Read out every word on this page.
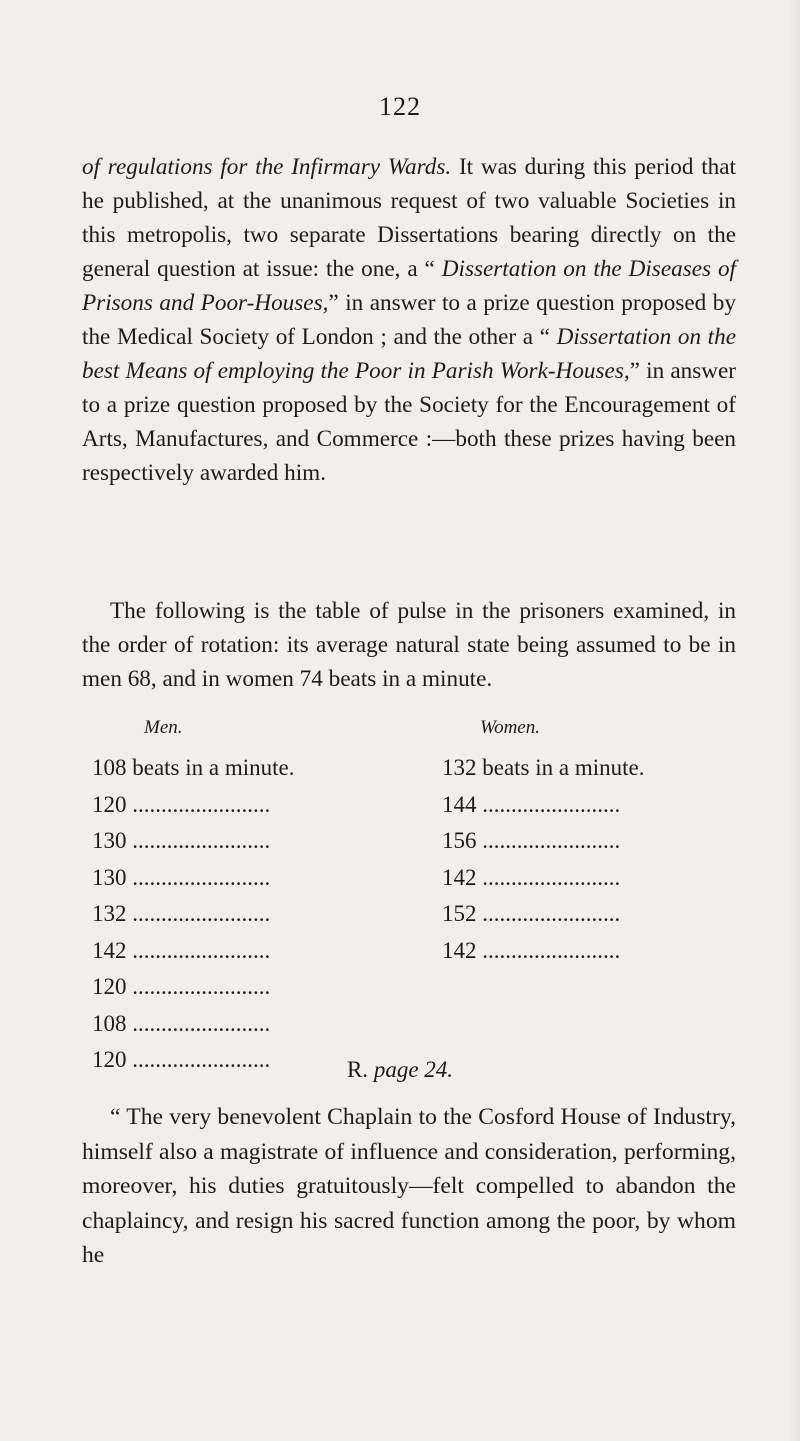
122

of regulations for the Infirmary Wards. It was during this period that he published, at the unanimous request of two valuable Societies in this metropolis, two separate Dissertations bearing directly on the general question at issue: the one, a “ Dissertation on the Diseases of Prisons and Poor-Houses,” in answer to a prize question proposed by the Medical Society of London ; and the other a “ Dissertation on the best Means of employing the Poor in Parish Work-Houses,” in answer to a prize question proposed by the Society for the Encouragement of Arts, Manufactures, and Commerce :—both these prizes having been respectively awarded him.

The following is the table of pulse in the prisoners examined, in the order of rotation: its average natural state being assumed to be in men 68, and in women 74 beats in a minute.

Men.
108 beats in a minute.
120 ........................
130 ........................
130 ........................
132 ........................
142 ........................
120 ........................
108 ........................
120 ........................
Women.
132 beats in a minute.
144 ........................
156 ........................
142 ........................
152 ........................
142 ........................
R. page 24.

“ The very benevolent Chaplain to the Cosford House of Industry, himself also a magistrate of influence and consideration, performing, moreover, his duties gratuitously—felt compelled to abandon the chaplaincy, and resign his sacred function among the poor, by whom he
